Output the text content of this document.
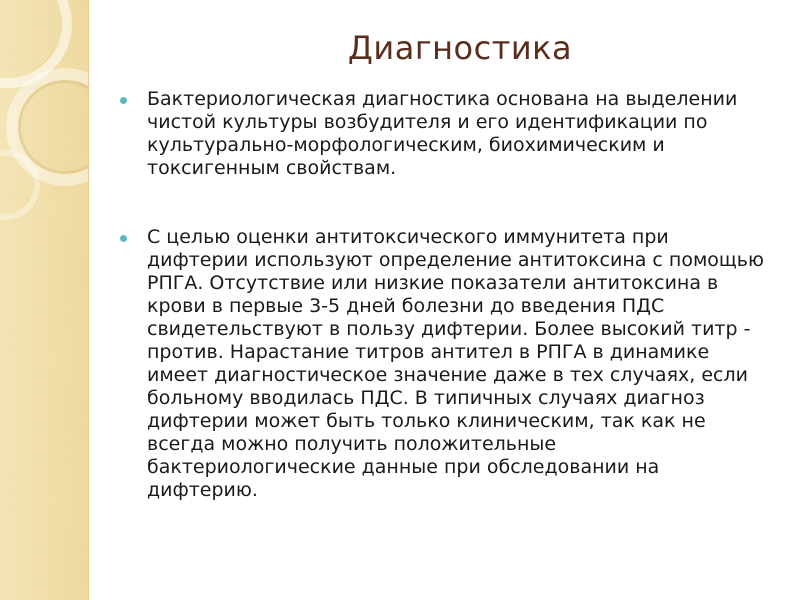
Диагностика

Бактериологическая диагностика основана на выделении чистой культуры возбудителя и его идентификации по культурально-морфологическим, биохимическим и токсигенным свойствам.

С целью оценки антитоксического иммунитета при дифтерии используют определение антитоксина с помощью РПГА. Отсутствие или низкие показатели антитоксина в крови в первые 3-5 дней болезни до введения ПДС свидетельствуют в пользу дифтерии. Более высокий титр - против. Нарастание титров антител в РПГА в динамике имеет диагностическое значение даже в тех случаях, если больному вводилась ПДС. В типичных случаях диагноз дифтерии может быть только клиническим, так как не всегда можно получить положительные бактериологические данные при обследовании на дифтерию.
